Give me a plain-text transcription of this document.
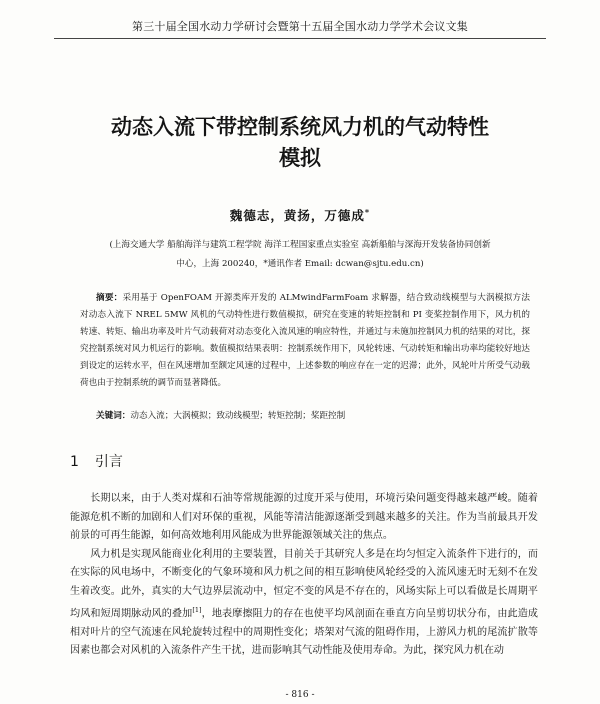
第三十届全国水动力学研讨会暨第十五届全国水动力学学术会议文集
动态入流下带控制系统风力机的气动特性
模拟
魏德志，黄扬，万德成*
(上海交通大学 船舶海洋与建筑工程学院 海洋工程国家重点实验室 高新船舶与深海开发装备协同创新
中心，上海 200240，*通讯作者 Email: dcwan@sjtu.edu.cn)
摘要：采用基于 OpenFOAM 开源类库开发的 ALMwindFarmFoam 求解器，结合致动线模型与大涡模拟方法对动态入流下 NREL 5MW 风机的气动特性进行数值模拟，研究在变速的转矩控制和 PI 变桨控制作用下，风力机的转速、转矩、输出功率及叶片气动载荷对动态变化入流风速的响应特性，并通过与未施加控制风力机的结果的对比，探究控制系统对风力机运行的影响。数值模拟结果表明：控制系统作用下，风轮转速、气动转矩和输出功率均能较好地达到设定的运转水平，但在风速增加至额定风速的过程中，上述参数的响应存在一定的迟滞；此外，风轮叶片所受气动载荷也由于控制系统的调节而显著降低。
关键词：动态入流；大涡模拟；致动线模型；转矩控制；桨距控制
1 引言

长期以来，由于人类对煤和石油等常规能源的过度开采与使用，环境污染问题变得越来越严峻。随着能源危机不断的加剧和人们对环保的重视，风能等清洁能源逐渐受到越来越多的关注。作为当前最具开发前景的可再生能源，如何高效地利用风能成为世界能源领域关注的焦点。

风力机是实现风能商业化利用的主要装置，目前关于其研究人多是在均匀恒定入流条件下进行的，而在实际的风电场中，不断变化的气象环境和风力机之间的相互影响使风轮经受的入流风速无时无刻不在发生着改变。此外，真实的大气边界层流动中，恒定不变的风是不存在的，风场实际上可以看做是长周期平均风和短周期脉动风的叠加[1]，地表摩擦阻力的存在也使平均风剖面在垂直方向呈剪切状分布，由此造成相对叶片的空气流速在风轮旋转过程中的周期性变化；塔架对气流的阻碍作用，上游风力机的尾流扩散等因素也都会对风机的入流条件产生干扰，进而影响其气动性能及使用寿命。为此，探究风力机在动

- 816 -
